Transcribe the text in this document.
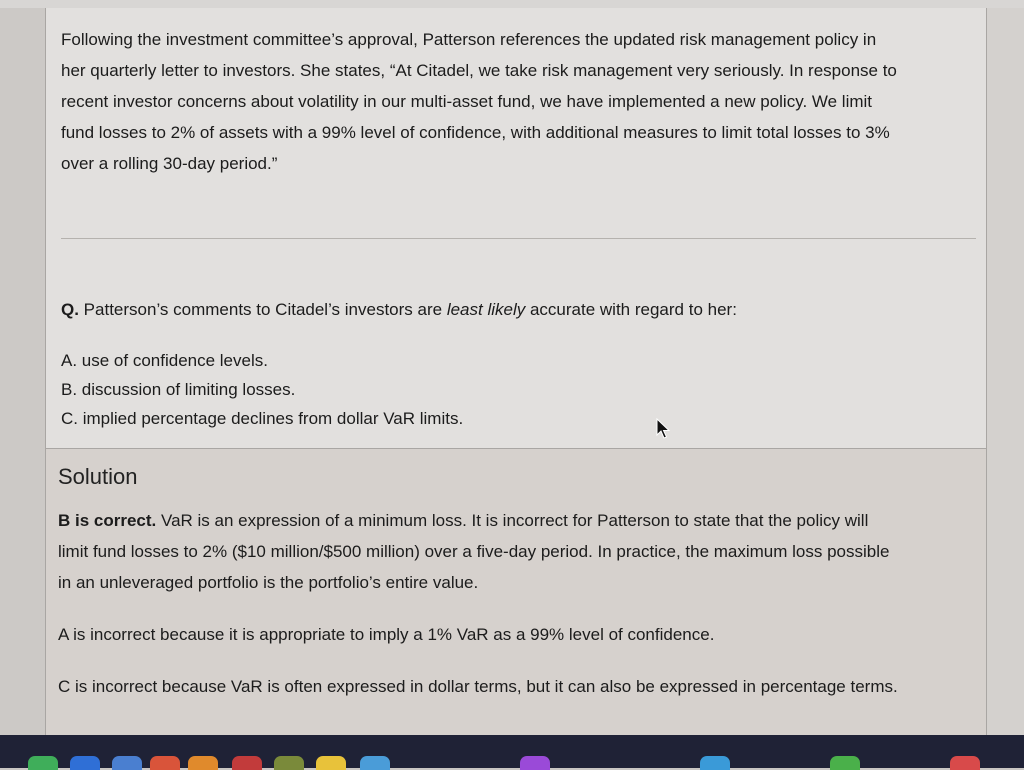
Following the investment committee’s approval, Patterson references the updated risk management policy in
her quarterly letter to investors. She states, “At Citadel, we take risk management very seriously. In response to
recent investor concerns about volatility in our multi-asset fund, we have implemented a new policy. We limit
fund losses to 2% of assets with a 99% level of confidence, with additional measures to limit total losses to 3%
over a rolling 30-day period.”
Q. Patterson’s comments to Citadel’s investors are least likely accurate with regard to her:
A. use of confidence levels.
B. discussion of limiting losses.
C. implied percentage declines from dollar VaR limits.
Solution
B is correct. VaR is an expression of a minimum loss. It is incorrect for Patterson to state that the policy will
limit fund losses to 2% ($10 million/$500 million) over a five-day period. In practice, the maximum loss possible
in an unleveraged portfolio is the portfolio’s entire value.
A is incorrect because it is appropriate to imply a 1% VaR as a 99% level of confidence.
C is incorrect because VaR is often expressed in dollar terms, but it can also be expressed in percentage terms.
